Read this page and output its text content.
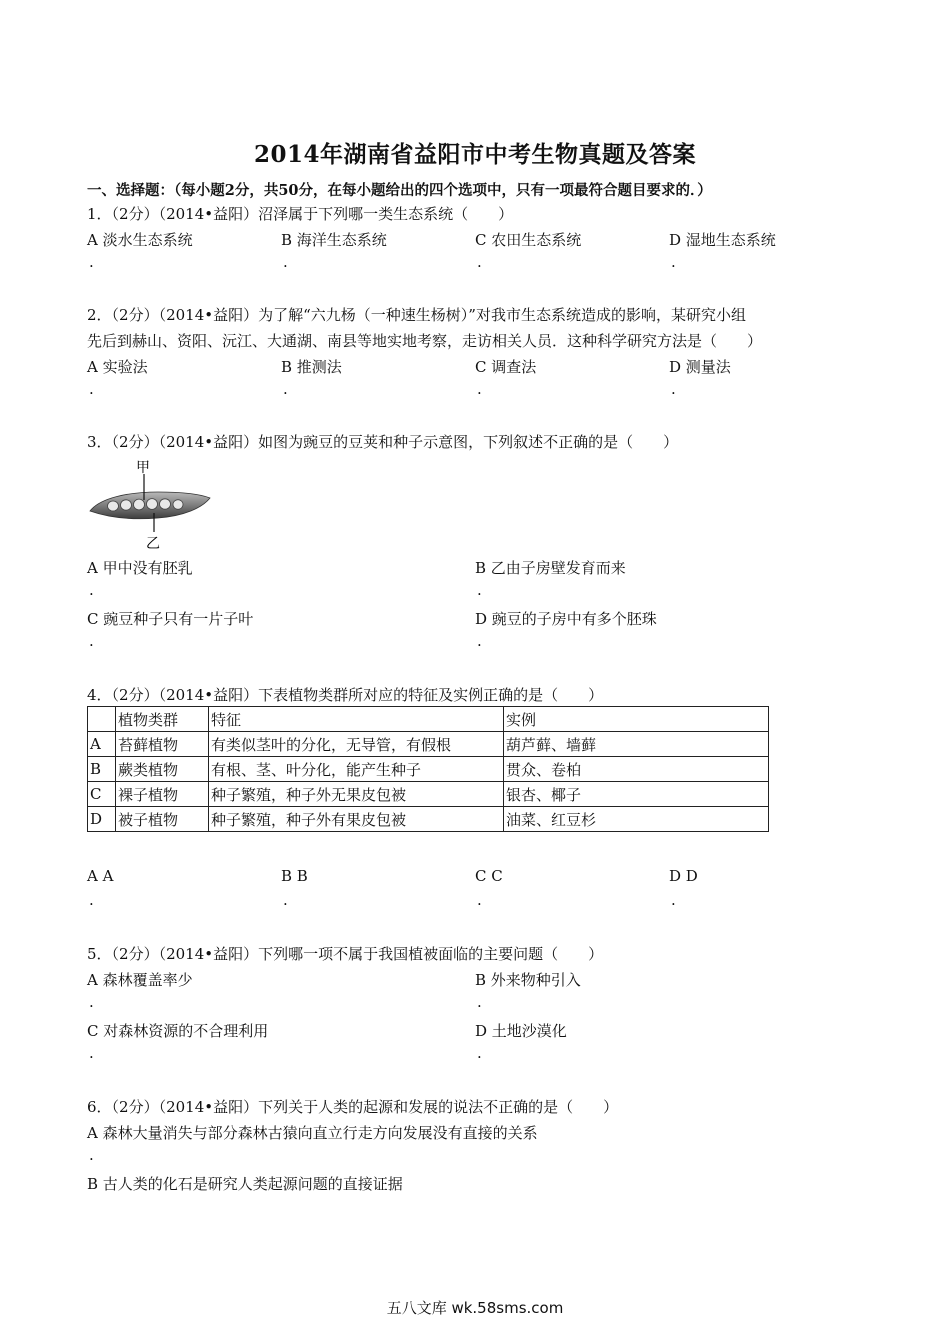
2014年湖南省益阳市中考生物真题及答案
一、选择题：（每小题2分，共50分，在每小题给出的四个选项中，只有一项最符合题目要求的．）
1．（2分）（2014•益阳）沼泽属于下列哪一类生态系统（　　）
A 淡水生态系统	B 海洋生态系统	C 农田生态系统	D 湿地生态系统
.	.	.	.
2．（2分）（2014•益阳）为了解“六九杨（一种速生杨树）”对我市生态系统造成的影响，某研究小组
先后到赫山、资阳、沅江、大通湖、南县等地实地考察，走访相关人员．这种科学研究方法是（　　）
A 实验法	B 推测法	C 调查法	D 测量法
.	.	.	.
3．（2分）（2014•益阳）如图为豌豆的豆荚和种子示意图，下列叙述不正确的是（　　）
甲
乙
A 甲中没有胚乳	B 乙由子房壁发育而来
.	.
C 豌豆种子只有一片子叶	D 豌豆的子房中有多个胚珠
.	.
4．（2分）（2014•益阳）下表植物类群所对应的特征及实例正确的是（　　）
	植物类群	特征	实例
A	苔藓植物	有类似茎叶的分化，无导管，有假根	葫芦藓、墙藓
B	蕨类植物	有根、茎、叶分化，能产生种子	贯众、卷柏
C	裸子植物	种子繁殖，种子外无果皮包被	银杏、椰子
D	被子植物	种子繁殖，种子外有果皮包被	油菜、红豆杉
A A	B B	C C	D D
.	.	.	.
5．（2分）（2014•益阳）下列哪一项不属于我国植被面临的主要问题（　　）
A 森林覆盖率少	B 外来物种引入
.	.
C 对森林资源的不合理利用	D 土地沙漠化
.	.
6．（2分）（2014•益阳）下列关于人类的起源和发展的说法不正确的是（　　）
A 森林大量消失与部分森林古猿向直立行走方向发展没有直接的关系
.
B 古人类的化石是研究人类起源问题的直接证据
五八文库 wk.58sms.com
